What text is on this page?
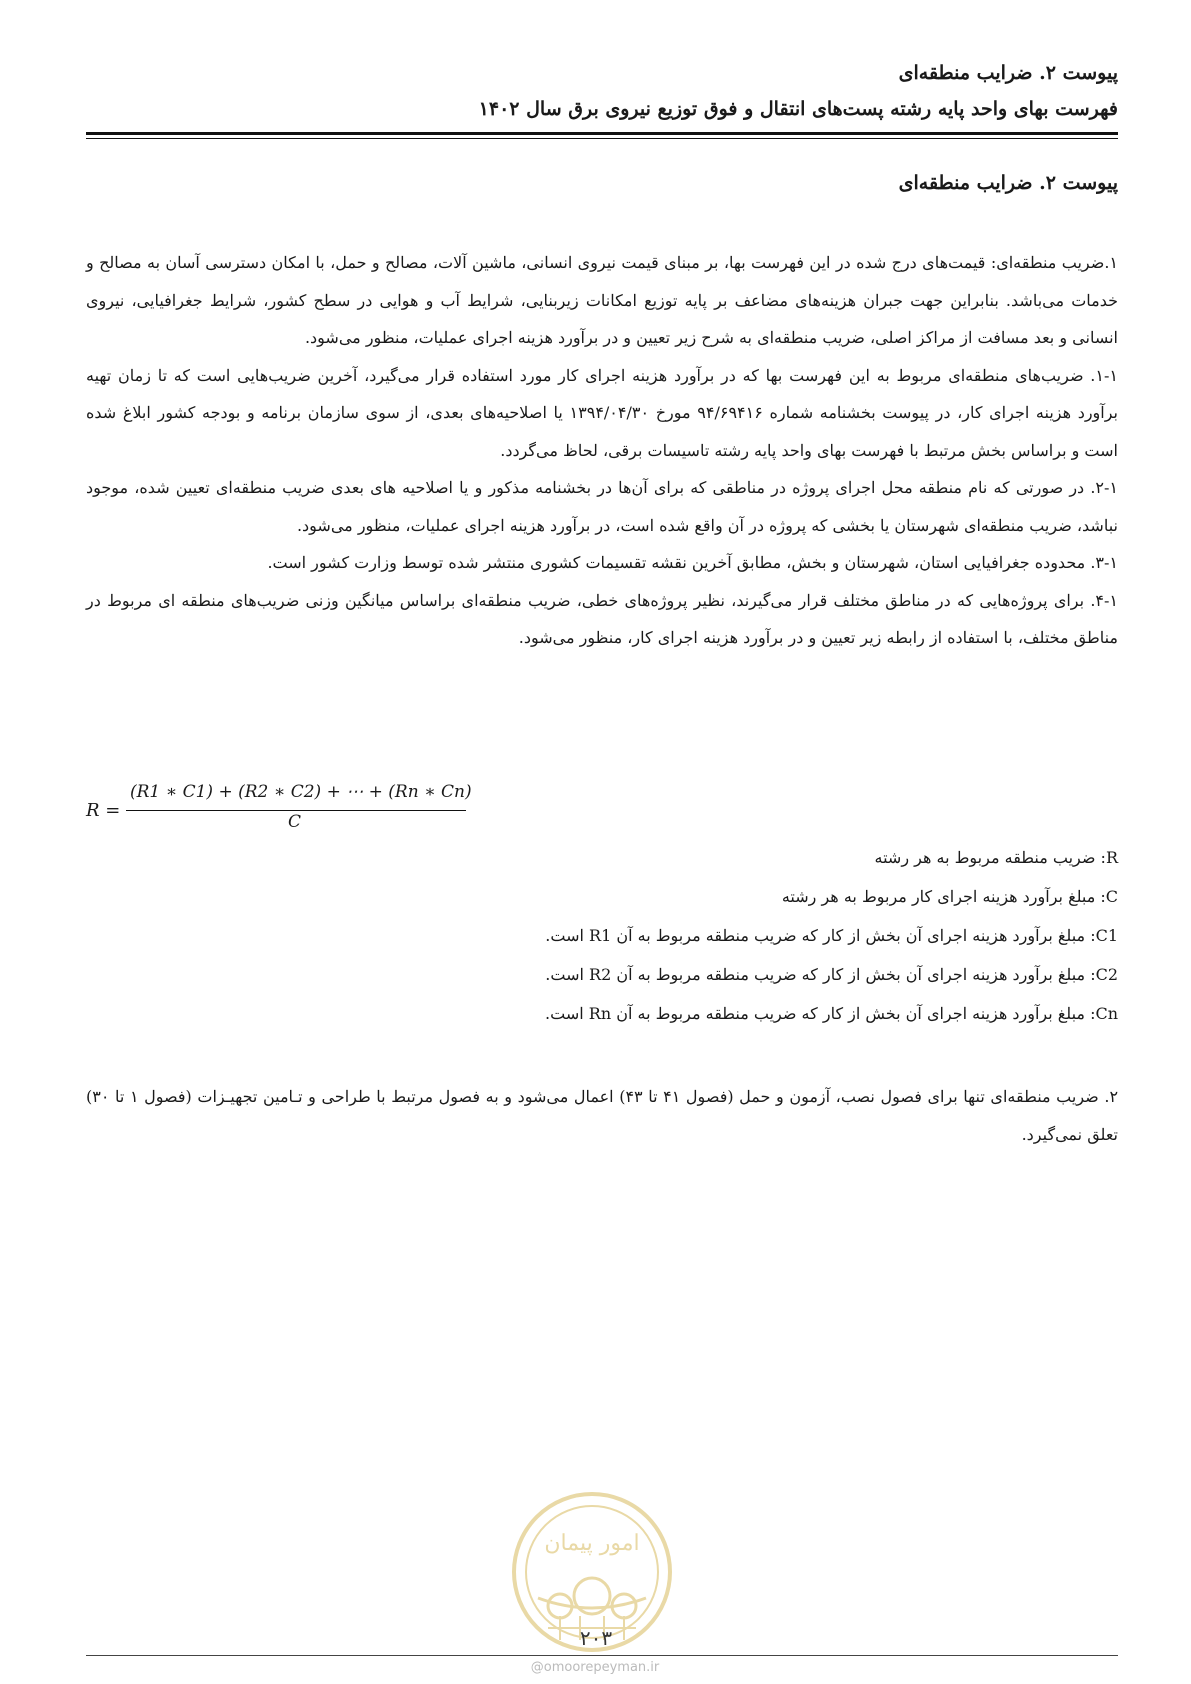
پیوست ۲. ضرایب منطقه‌ای
فهرست بهای واحد پایه رشته پست‌های انتقال و فوق توزیع نیروی برق سال ۱۴۰۲
پیوست ۲. ضرایب منطقه‌ای

۱.ضریب منطقه‌ای: قیمت‌های درج شده در این فهرست بها، بر مبنای قیمت نیروی انسانی، ماشین آلات، مصالح و حمل، با امکان دسترسی آسان به مصالح و خدمات می‌باشد. بنابراین جهت جبران هزینه‌های مضاعف بر پایه توزیع امکانات زیربنایی، شرایط آب و هوایی در سطح کشور، شرایط جغرافیایی، نیروی انسانی و بعد مسافت از مراکز اصلی، ضریب منطقه‌ای به شرح زیر تعیین و در برآورد هزینه اجرای عملیات، منظور می‌شود.

۱-۱. ضریب‌های منطقه‌ای مربوط به این فهرست بها که در برآورد هزینه اجرای کار مورد استفاده قرار می‌گیرد، آخرین ضریب‌هایی است که تا زمان تهیه برآورد هزینه اجرای کار، در پیوست بخشنامه شماره ۹۴/۶۹۴۱۶ مورخ ۱۳۹۴/۰۴/۳۰ یا اصلاحیه‌های بعدی، از سوی سازمان برنامه و بودجه کشور ابلاغ شده است و براساس بخش مرتبط با فهرست بهای واحد پایه رشته تاسیسات برقی، لحاظ می‌گردد.

۲-۱. در صورتی که نام منطقه محل اجرای پروژه در مناطقی که برای آن‌ها در بخشنامه مذکور و یا اصلاحیه های بعدی ضریب منطقه‌ای تعیین شده، موجود نباشد، ضریب منطقه‌ای شهرستان یا بخشی که پروژه در آن واقع شده است، در برآورد هزینه اجرای عملیات، منظور می‌شود.

۳-۱. محدوده جغرافیایی استان، شهرستان و بخش، مطابق آخرین نقشه تقسیمات کشوری منتشر شده توسط وزارت کشور است.

۴-۱. برای پروژه‌هایی که در مناطق مختلف قرار می‌گیرند، نظیر پروژه‌های خطی، ضریب منطقه‌ای براساس میانگین وزنی ضریب‌های منطقه ای مربوط در مناطق مختلف، با استفاده از رابطه زیر تعیین و در برآورد هزینه اجرای کار، منظور می‌شود.

R =
(R1 ∗ C1) + (R2 ∗ C2) + ⋯ + (Rn ∗ Cn)
C

R: ضریب منطقه مربوط به هر رشته

C: مبلغ برآورد هزینه اجرای کار مربوط به هر رشته

C1: مبلغ برآورد هزینه اجرای آن بخش از کار که ضریب منطقه مربوط به آن R1 است.

C2: مبلغ برآورد هزینه اجرای آن بخش از کار که ضریب منطقه مربوط به آن R2 است.

Cn: مبلغ برآورد هزینه اجرای آن بخش از کار که ضریب منطقه مربوط به آن Rn است.

۲. ضریب منطقه‌ای تنها برای فصول نصب، آزمون و حمل (فصول ۴۱ تا ۴۳) اعمال می‌شود و به فصول مرتبط با طراحی و تـامین تجهیـزات (فصول ۱ تا ۳۰) تعلق نمی‌گیرد.

امور پیمان
۲۰۳
@omoorepeyman.ir
